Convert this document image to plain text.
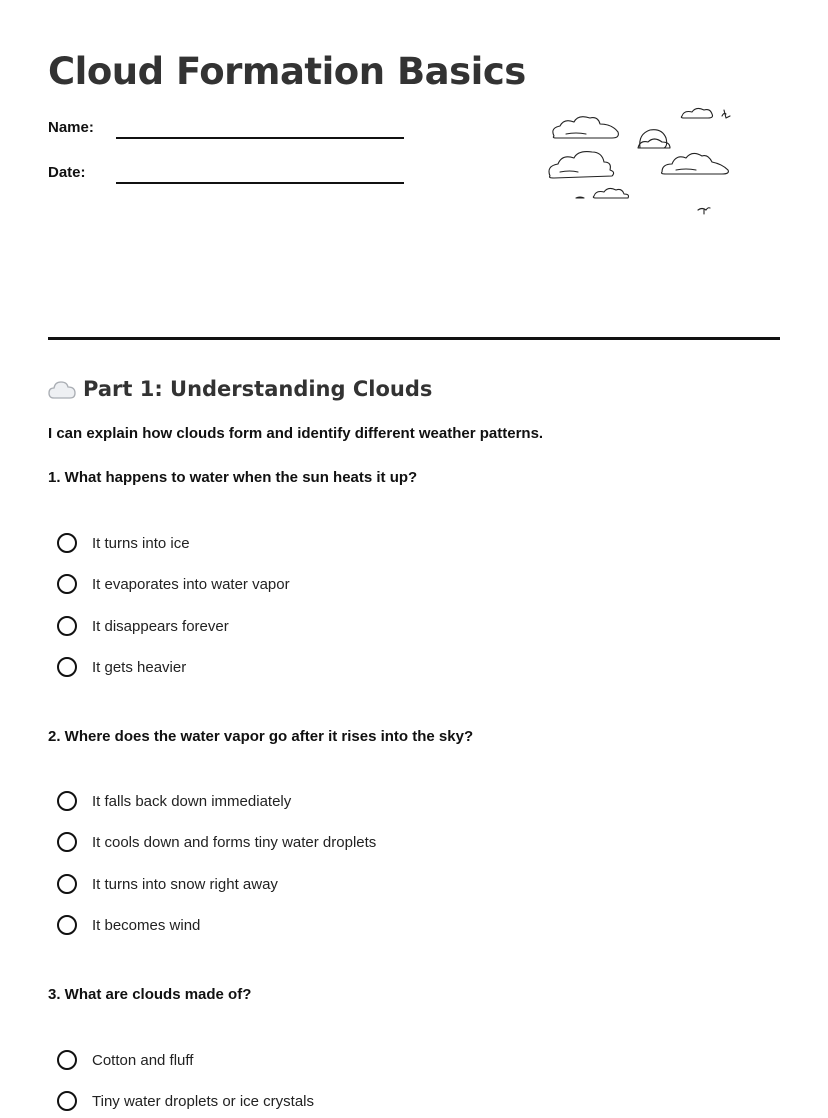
Cloud Formation Basics
Name:
Date:
Part 1: Understanding Clouds
I can explain how clouds form and identify different weather patterns.
1. What happens to water when the sun heats it up?
It turns into ice
It evaporates into water vapor
It disappears forever
It gets heavier
2. Where does the water vapor go after it rises into the sky?
It falls back down immediately
It cools down and forms tiny water droplets
It turns into snow right away
It becomes wind
3. What are clouds made of?
Cotton and fluff
Tiny water droplets or ice crystals
